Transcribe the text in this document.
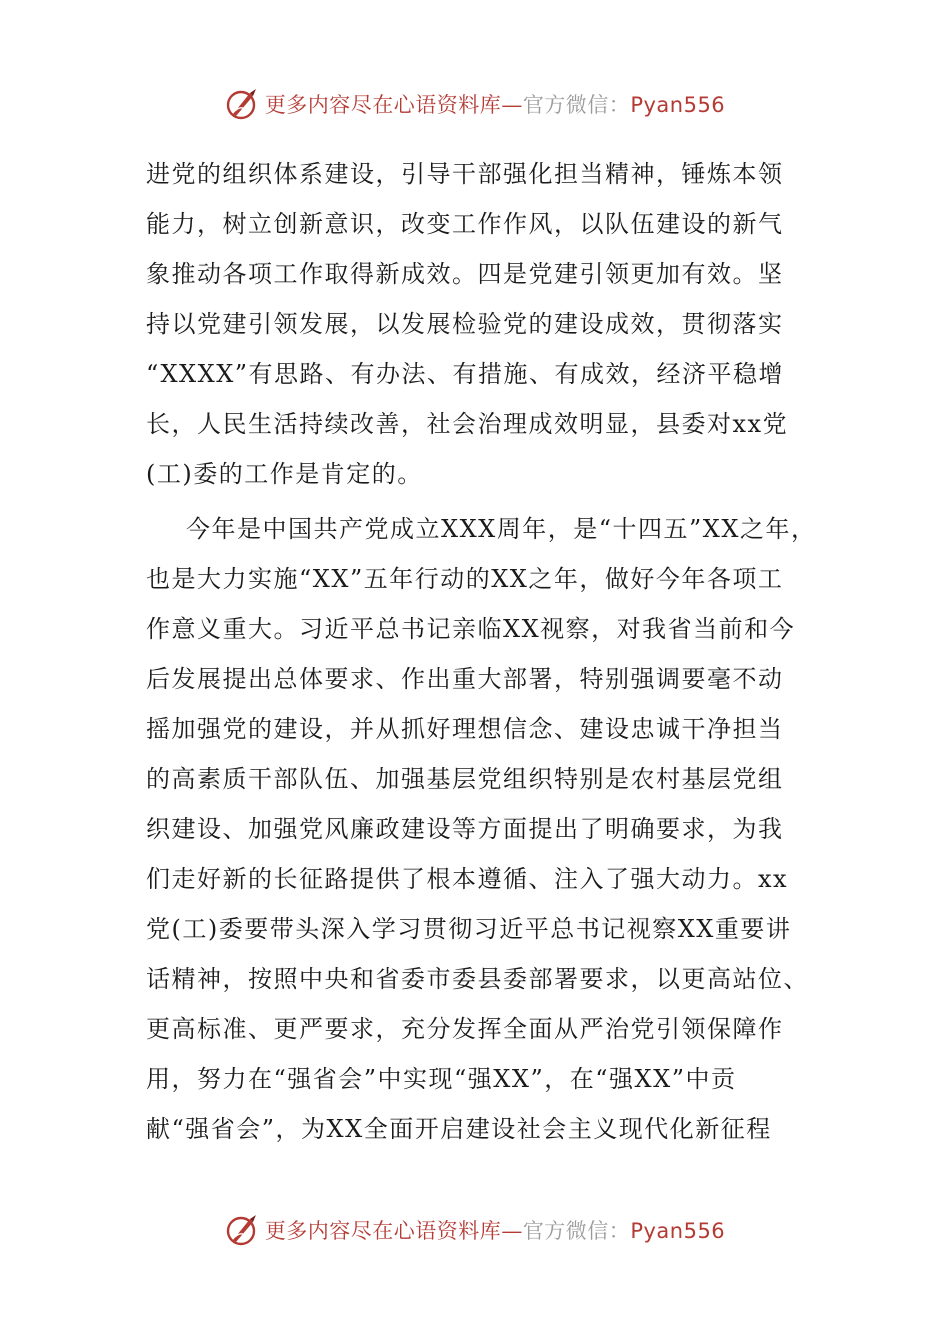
更多内容尽在心语资料库—官方微信：Pyan556
进党的组织体系建设，引导干部强化担当精神，锤炼本领
能力，树立创新意识，改变工作作风，以队伍建设的新气
象推动各项工作取得新成效。四是党建引领更加有效。坚
持以党建引领发展，以发展检验党的建设成效，贯彻落实
“XXXX”有思路、有办法、有措施、有成效，经济平稳增
长，人民生活持续改善，社会治理成效明显，县委对xx党
(工)委的工作是肯定的。
今年是中国共产党成立XXX周年，是“十四五”XX之年，
也是大力实施“XX”五年行动的XX之年，做好今年各项工
作意义重大。习近平总书记亲临XX视察，对我省当前和今
后发展提出总体要求、作出重大部署，特别强调要毫不动
摇加强党的建设，并从抓好理想信念、建设忠诚干净担当
的高素质干部队伍、加强基层党组织特别是农村基层党组
织建设、加强党风廉政建设等方面提出了明确要求，为我
们走好新的长征路提供了根本遵循、注入了强大动力。xx
党(工)委要带头深入学习贯彻习近平总书记视察XX重要讲
话精神，按照中央和省委市委县委部署要求，以更高站位、
更高标准、更严要求，充分发挥全面从严治党引领保障作
用，努力在“强省会”中实现“强XX”，在“强XX”中贡
献“强省会”，为XX全面开启建设社会主义现代化新征程
更多内容尽在心语资料库—官方微信：Pyan556
